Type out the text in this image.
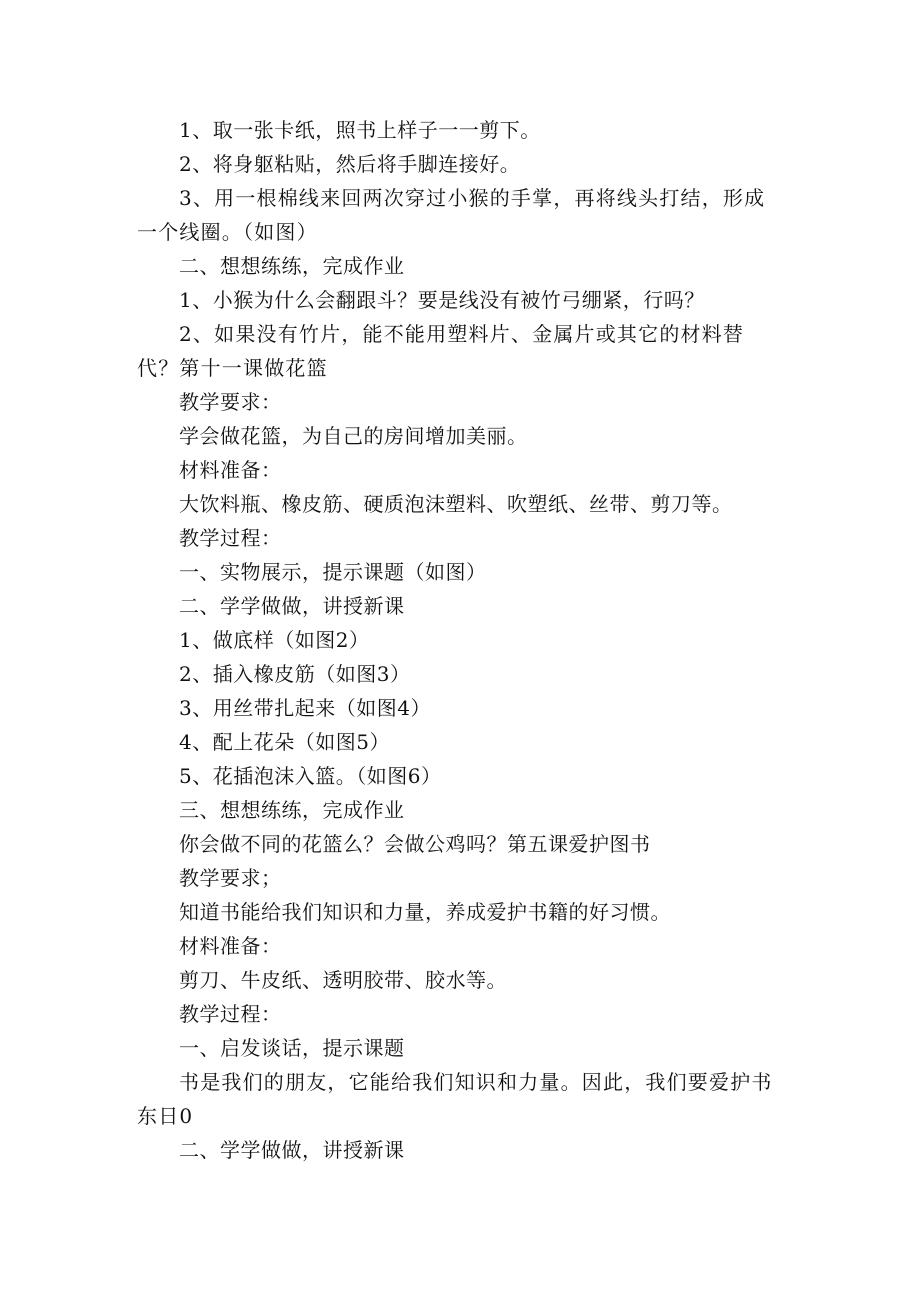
1、取一张卡纸，照书上样子一一剪下。

2、将身躯粘贴，然后将手脚连接好。

3、用一根棉线来回两次穿过小猴的手掌，再将线头打结，形成一个线圈。（如图）

二、想想练练，完成作业

1、小猴为什么会翻跟斗？要是线没有被竹弓绷紧，行吗？

2、如果没有竹片，能不能用塑料片、金属片或其它的材料替代？第十一课做花篮

教学要求：

学会做花篮，为自己的房间增加美丽。

材料准备：

大饮料瓶、橡皮筋、硬质泡沫塑料、吹塑纸、丝带、剪刀等。

教学过程：

一、实物展示，提示课题（如图）

二、学学做做，讲授新课

1、做底样（如图2）

2、插入橡皮筋（如图3）

3、用丝带扎起来（如图4）

4、配上花朵（如图5）

5、花插泡沫入篮。（如图6）

三、想想练练，完成作业

你会做不同的花篮么？会做公鸡吗？第五课爱护图书

教学要求；

知道书能给我们知识和力量，养成爱护书籍的好习惯。

材料准备：

剪刀、牛皮纸、透明胶带、胶水等。

教学过程：

一、启发谈话，提示课题

书是我们的朋友，它能给我们知识和力量。因此，我们要爱护书东日0

二、学学做做，讲授新课
